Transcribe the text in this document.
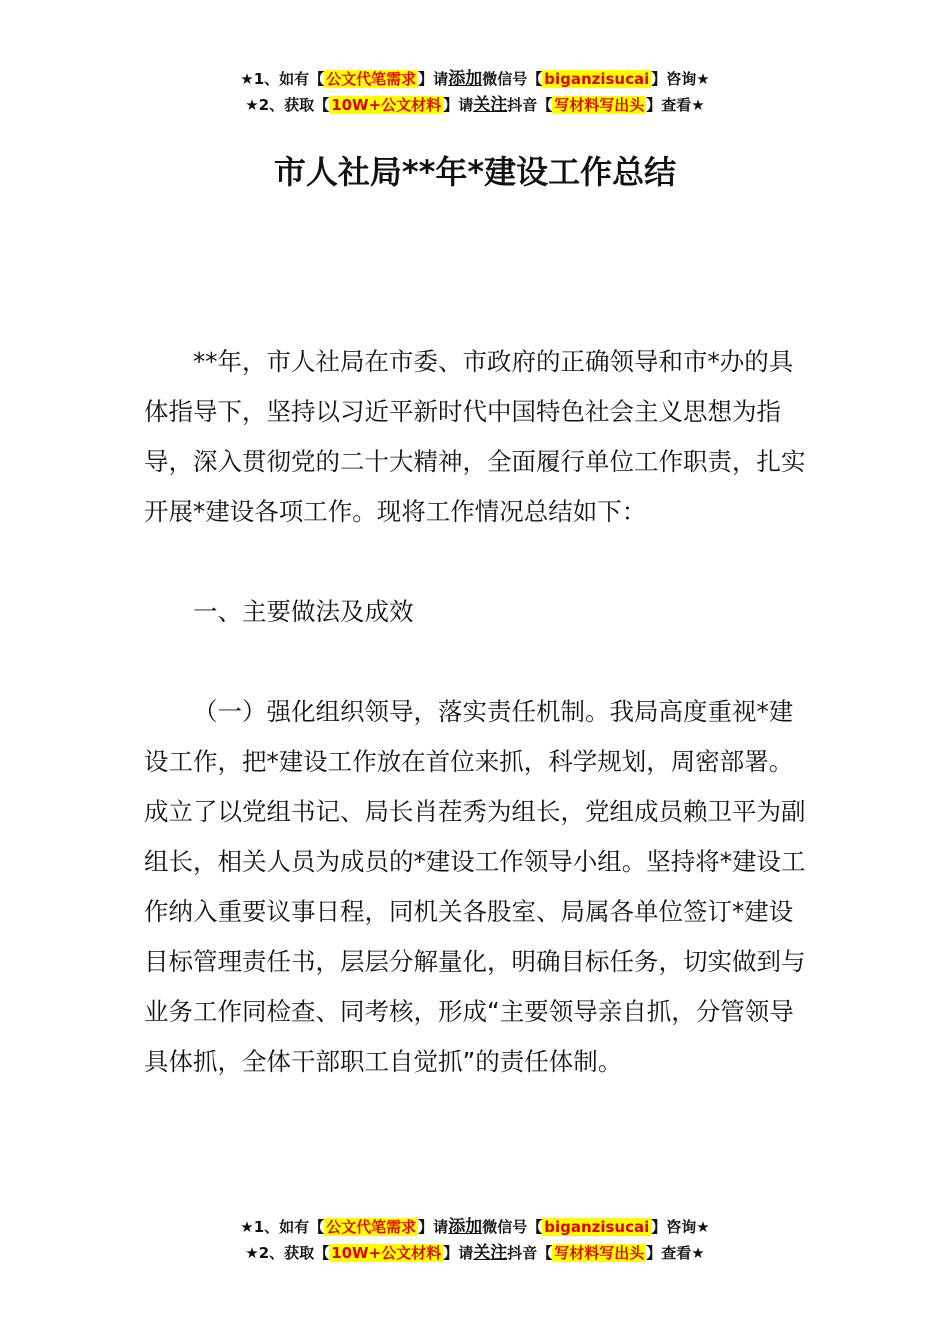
★1、如有【 公文代笔需求 】请添加微信号【 biganzisucai 】咨询★
★2、获取【 10W+公文材料 】请关注抖音【 写材料写出头 】查看★
市人社局**年*建设工作总结

**年，市人社局在市委、市政府的正确领导和市*办的具体指导下，坚持以习近平新时代中国特色社会主义思想为指导，深入贯彻党的二十大精神，全面履行单位工作职责，扎实开展*建设各项工作。现将工作情况总结如下：

一、主要做法及成效

（一）强化组织领导，落实责任机制。我局高度重视*建设工作，把*建设工作放在首位来抓，科学规划，周密部署。成立了以党组书记、局长肖茬秀为组长，党组成员赖卫平为副组长，相关人员为成员的*建设工作领导小组。坚持将*建设工作纳入重要议事日程，同机关各股室、局属各单位签订*建设目标管理责任书，层层分解量化，明确目标任务，切实做到与业务工作同检查、同考核，形成“主要领导亲自抓，分管领导具体抓，全体干部职工自觉抓”的责任体制。

★1、如有【 公文代笔需求 】请添加微信号【 biganzisucai 】咨询★
★2、获取【 10W+公文材料 】请关注抖音【 写材料写出头 】查看★
